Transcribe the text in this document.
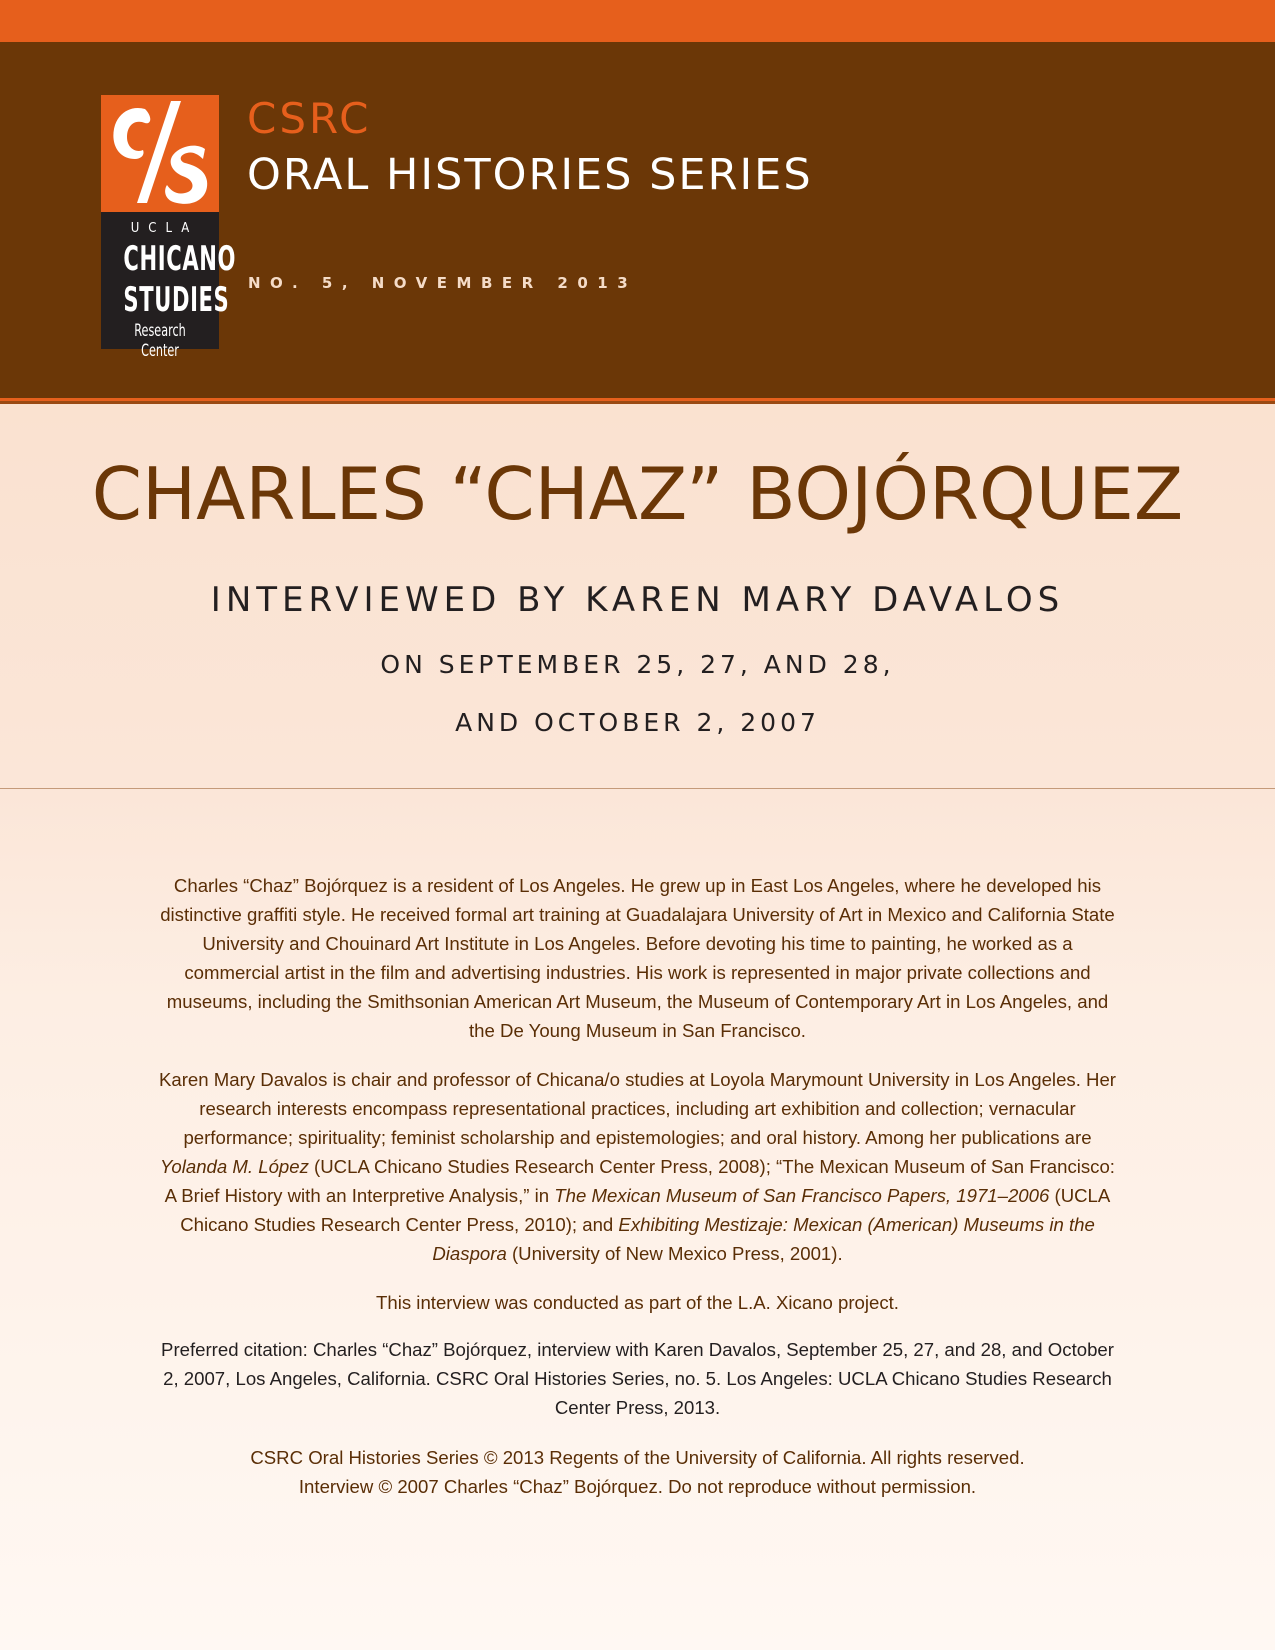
UCLA
CHICANO
STUDIES
Research Center
CSRC
ORAL HISTORIES SERIES
NO. 5, NOVEMBER 2013
CHARLES “CHAZ” BOJÓRQUEZ
INTERVIEWED BY KAREN MARY DAVALOS
ON SEPTEMBER 25, 27, AND 28,
AND OCTOBER 2, 2007

Charles “Chaz” Bojórquez is a resident of Los Angeles. He grew up in East Los Angeles, where he developed his distinctive graffiti style. He received formal art training at Guadalajara University of Art in Mexico and California State University and Chouinard Art Institute in Los Angeles. Before devoting his time to painting, he worked as a commercial artist in the film and advertising industries. His work is represented in major private collections and museums, including the Smithsonian American Art Museum, the Museum of Contemporary Art in Los Angeles, and the De Young Museum in San Francisco.

Karen Mary Davalos is chair and professor of Chicana/o studies at Loyola Marymount University in Los Angeles. Her research interests encompass representational practices, including art exhibition and collection; vernacular performance; spirituality; feminist scholarship and epistemologies; and oral history. Among her publications are Yolanda M. López (UCLA Chicano Studies Research Center Press, 2008); “The Mexican Museum of San Francisco: A Brief History with an Interpretive Analysis,” in The Mexican Museum of San Francisco Papers, 1971–2006 (UCLA Chicano Studies Research Center Press, 2010); and Exhibiting Mestizaje: Mexican (American) Museums in the Diaspora (University of New Mexico Press, 2001).

This interview was conducted as part of the L.A. Xicano project.

Preferred citation: Charles “Chaz” Bojórquez, interview with Karen Davalos, September 25, 27, and 28, and October 2, 2007, Los Angeles, California. CSRC Oral Histories Series, no. 5. Los Angeles: UCLA Chicano Studies Research Center Press, 2013.

CSRC Oral Histories Series © 2013 Regents of the University of California. All rights reserved.
Interview © 2007 Charles “Chaz” Bojórquez. Do not reproduce without permission.
